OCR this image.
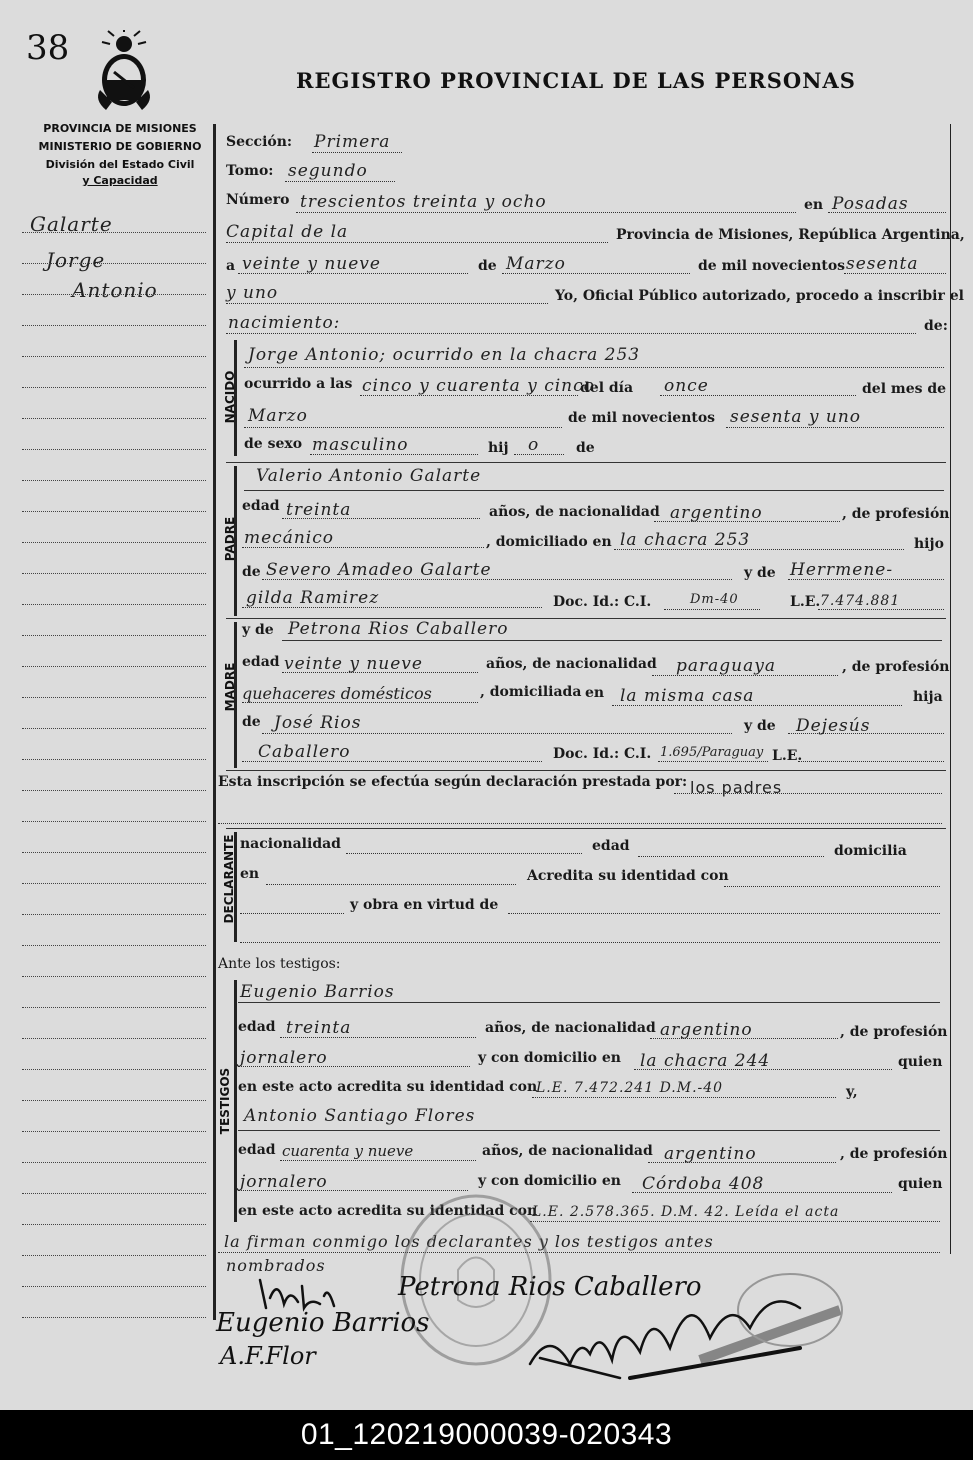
38
REGISTRO PROVINCIAL DE LAS PERSONAS
PROVINCIA DE MISIONES
MINISTERIO DE GOBIERNO
División del Estado Civil
y Capacidad
Galarte
Jorge
Antonio
Sección: Primera
Tomo: segundo
Número trescientos treinta y ocho	en Posadas
Capital de la	Provincia de Misiones, República Argentina,
a veinte y nueve	de Marzo	de mil novecientos sesenta
y uno	Yo, Oficial Público autorizado, procedo a inscribir el
nacimiento:	de:
NACIDO
Jorge Antonio; ocurrido en la chacra 253
ocurrido a las cinco y cuarenta y cinco
del día once	del mes de
Marzo	de mil novecientos sesenta y uno
de sexo masculino	hij o	de
PADRE
Valerio Antonio Galarte
edad treinta	años, de nacionalidad argentino	, de profesión
mecánico	, domiciliado en la chacra 253	hijo
de Severo Amadeo Galarte	y de Herrmene-
gilda Ramirez	Doc. Id.: C.I.	Dm-40	L.E. 7.474.881
MADRE
y de Petrona Rios Caballero
edad veinte y nueve	años, de nacionalidad paraguaya	, de profesión
quehaceres domésticos	, domiciliada en la misma casa	hija
de José Rios	y de Dejesús
Caballero	Doc. Id.: C.I. 1.695/Paraguay L.E.
Esta inscripción se efectúa según declaración prestada por: los padres
DECLARANTE nacionalidad	edad	domicilia
en	Acredita su identidad con
y obra en virtud de
Ante los testigos:
TESTIGOS
Eugenio Barrios
edad treinta	años, de nacionalidad argentino	, de profesión
jornalero	y con domicilio en la chacra 244	quien
en este acto acredita su identidad con
L.E. 7.472.241 D.M.-40	y,
Antonio Santiago Flores
edad cuarenta y nueve	años, de nacionalidad argentino	, de profesión
jornalero	y con domicilio en Córdoba 408	quien
en este acto acredita su identidad con
L.E. 2.578.365. D.M. 42. Leída el acta
la firman conmigo los declarantes y los testigos antes
nombrados
Petrona Rios Caballero
Eugenio Barrios
A.F.Flor
01_120219000039-020343
